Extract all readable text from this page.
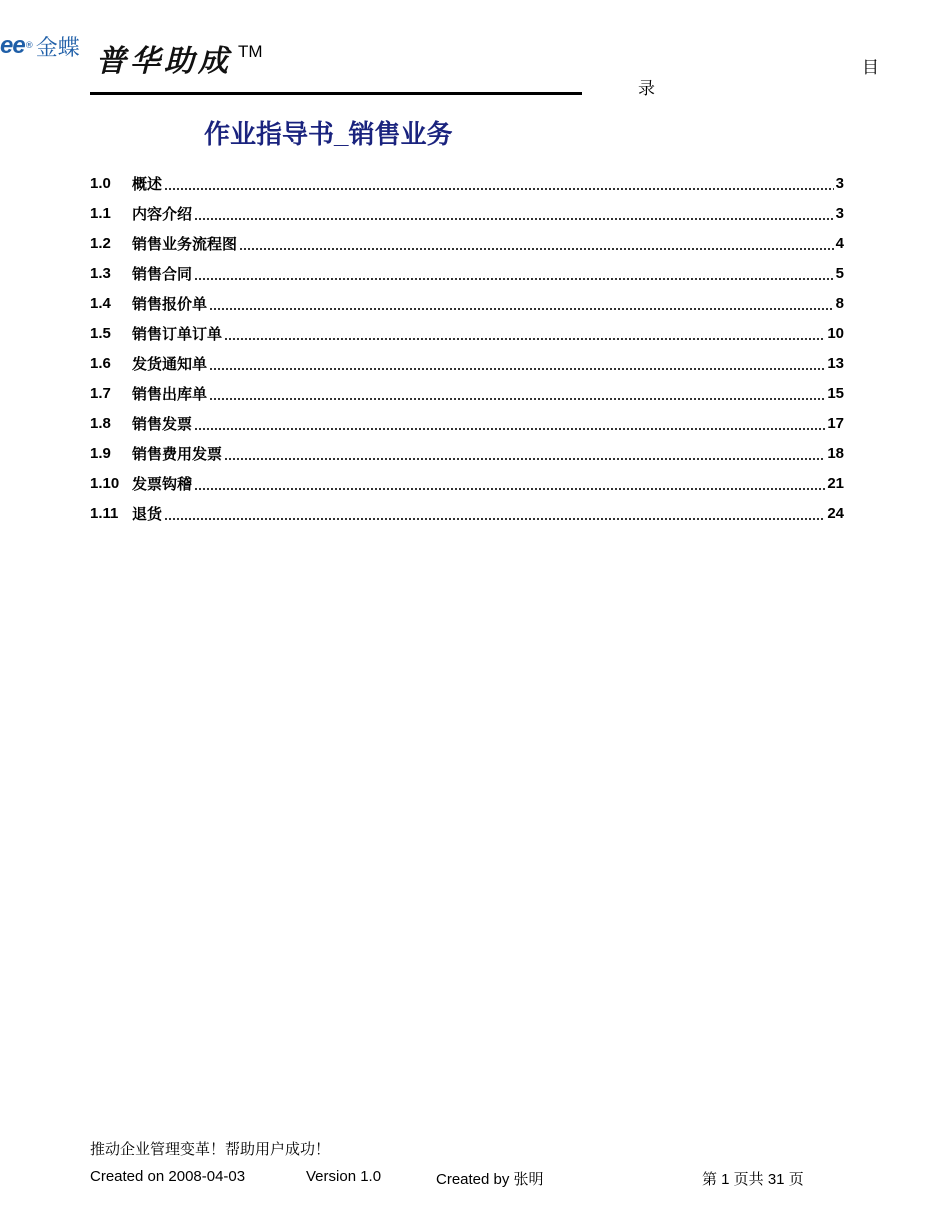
ee ® 金蝶 普华助成 TM
目
录
作业指导书_销售业务
1.0	概述	3
1.1	内容介绍	3
1.2	销售业务流程图	4
1.3	销售合同	5
1.4	销售报价单	8
1.5	销售订单订单	10
1.6	发货通知单	13
1.7	销售出库单	15
1.8	销售发票	17
1.9	销售费用发票	18
1.10 发票钩稽	21
1.11 退货	24
推动企业管理变革！帮助用户成功！
Created on 2008-04-03	Version 1.0	Created by 张明	第 1 页共 31 页
